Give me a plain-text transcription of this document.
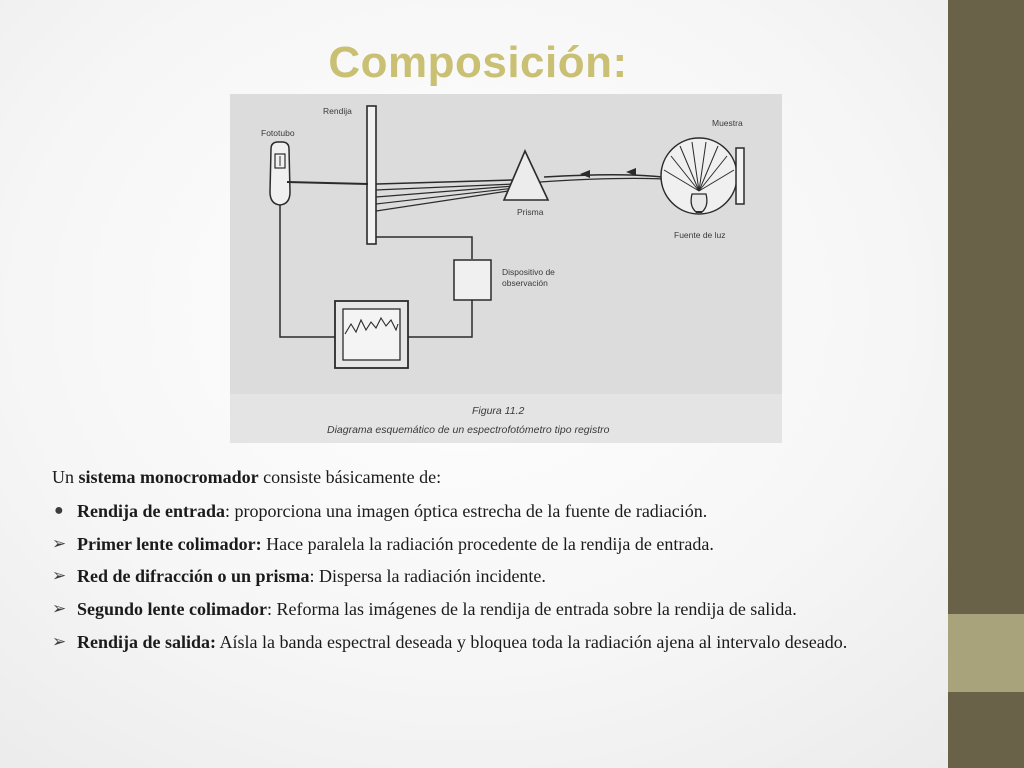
Composición:
Rendija
Fototubo
Muestra
Prisma
Fuente de luz
Dispositivo de
observación
Figura 11.2
Diagrama esquemático de un espectrofotómetro tipo registro

Un sistema monocromador consiste básicamente de:

● Rendija de entrada: proporciona una imagen óptica estrecha de la fuente de radiación.
➢ Primer lente colimador: Hace paralela la radiación procedente de la rendija de entrada.
➢ Red de difracción o un prisma: Dispersa la radiación incidente.
➢ Segundo lente colimador: Reforma las imágenes de la rendija de entrada sobre la rendija de salida.
➢ Rendija de salida: Aísla la banda espectral deseada y bloquea toda la radiación ajena al intervalo deseado.
